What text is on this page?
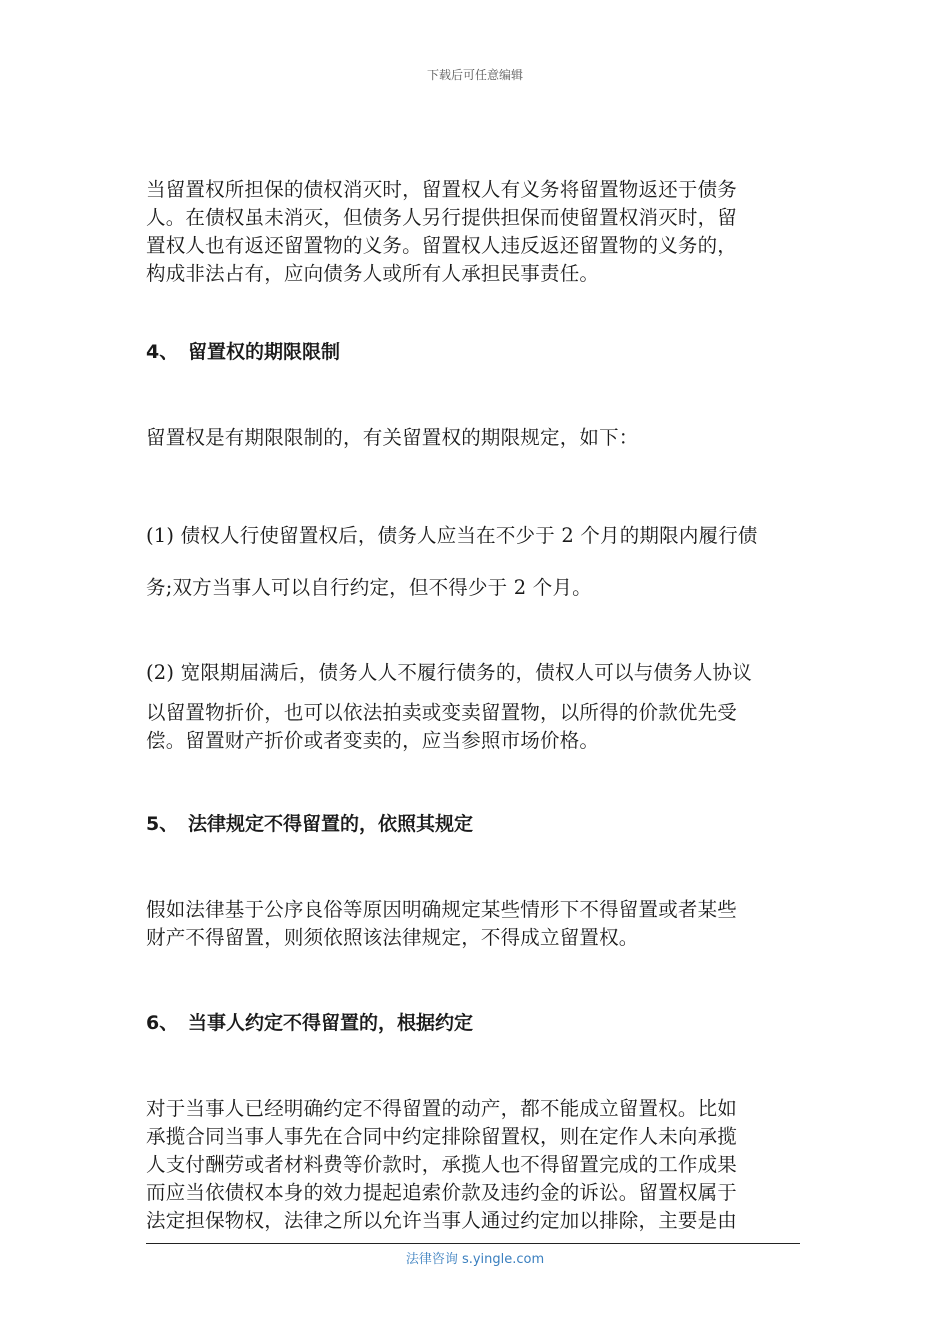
下载后可任意编辑

当留置权所担保的债权消灭时，留置权人有义务将留置物返还于债务
人。在债权虽未消灭，但债务人另行提供担保而使留置权消灭时，留
置权人也有返还留置物的义务。留置权人违反返还留置物的义务的，
构成非法占有，应向债务人或所有人承担民事责任。

4、 留置权的期限限制

留置权是有期限限制的，有关留置权的期限规定，如下：

(1) 债权人行使留置权后，债务人应当在不少于 2 个月的期限内履行债
务;双方当事人可以自行约定，但不得少于 2 个月。

(2) 宽限期届满后，债务人人不履行债务的，债权人可以与债务人协议
以留置物折价，也可以依法拍卖或变卖留置物，以所得的价款优先受
偿。留置财产折价或者变卖的，应当参照市场价格。

5、 法律规定不得留置的，依照其规定

假如法律基于公序良俗等原因明确规定某些情形下不得留置或者某些
财产不得留置，则须依照该法律规定，不得成立留置权。

6、 当事人约定不得留置的，根据约定

对于当事人已经明确约定不得留置的动产，都不能成立留置权。比如
承揽合同当事人事先在合同中约定排除留置权，则在定作人未向承揽
人支付酬劳或者材料费等价款时，承揽人也不得留置完成的工作成果
而应当依债权本身的效力提起追索价款及违约金的诉讼。留置权属于
法定担保物权，法律之所以允许当事人通过约定加以排除，主要是由

法律咨询 s.yingle.com
